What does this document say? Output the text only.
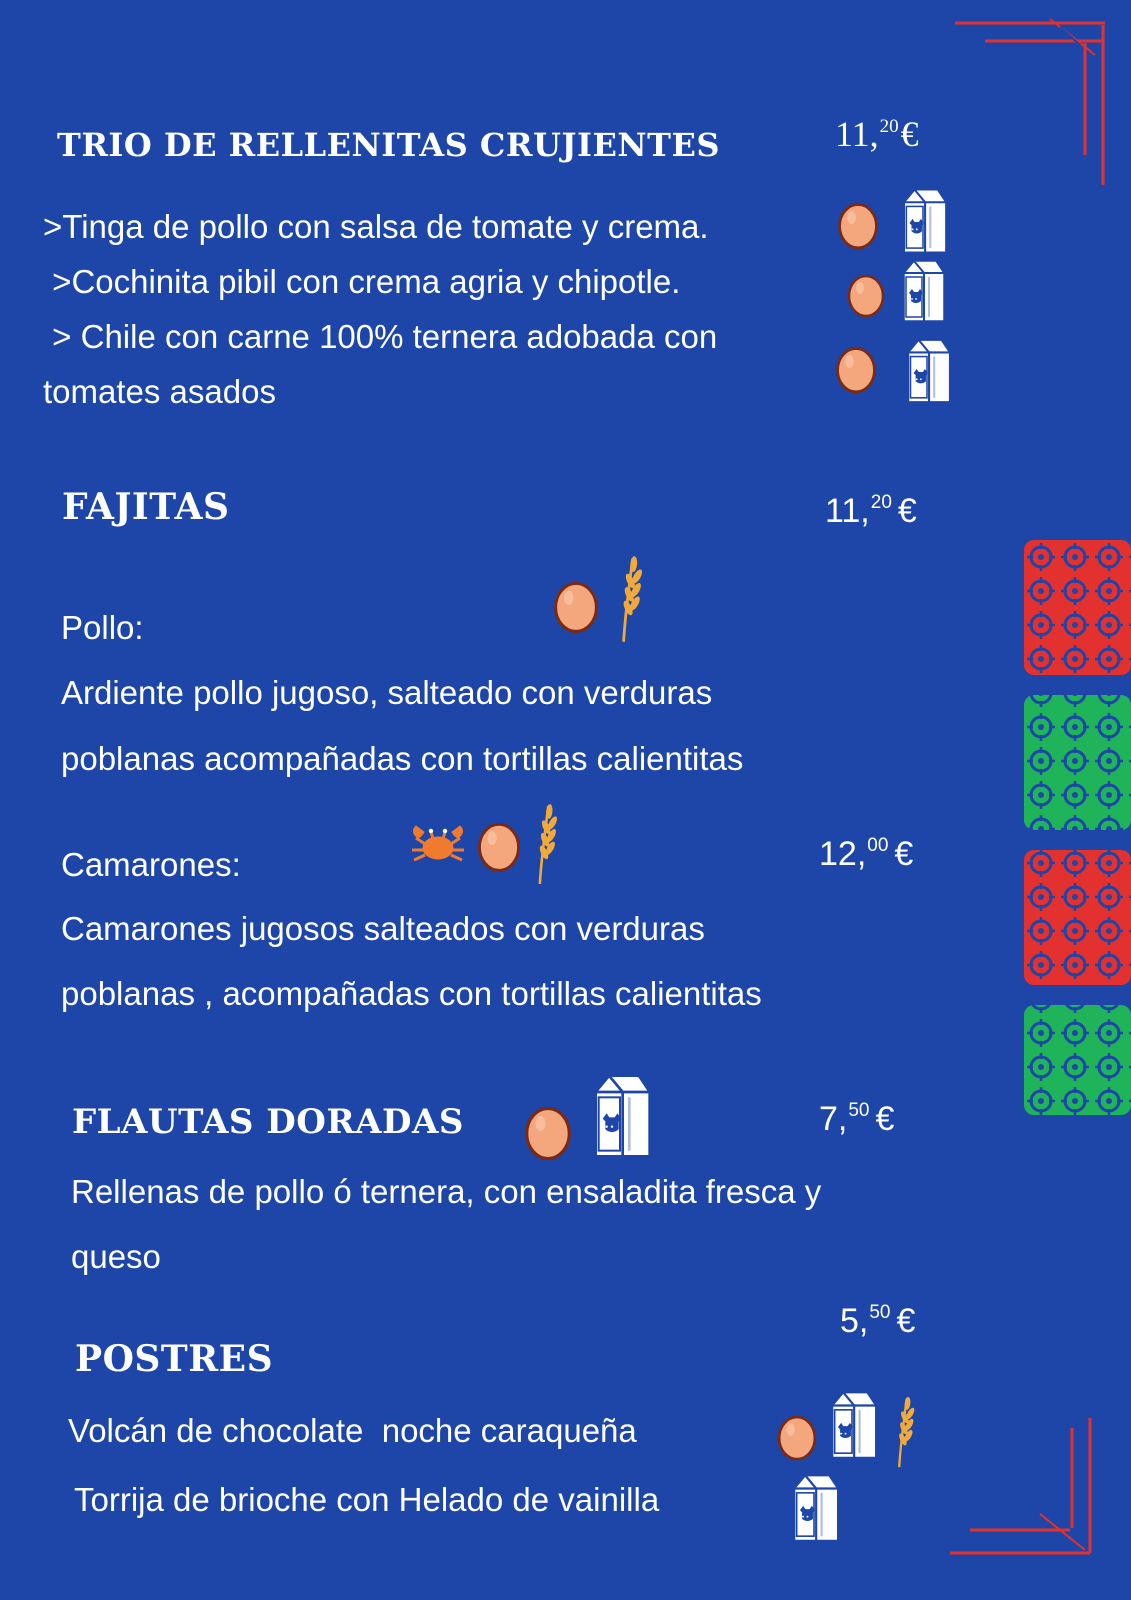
TRIO DE RELLENITAS CRUJIENTES	11,20€
>Tinga de pollo con salsa de tomate y crema.
>Cochinita pibil con crema agria y chipotle.
> Chile con carne 100% ternera adobada con
tomates asados
FAJITAS	11,20 €
Pollo:
Ardiente pollo jugoso, salteado con verduras
poblanas acompañadas con tortillas calientitas
Camarones:	12,00 €
Camarones jugosos salteados con verduras
poblanas , acompañadas con tortillas calientitas
FLAUTAS DORADAS	7,50 €
Rellenas de pollo ó ternera, con ensaladita fresca y
queso
5,50 €
POSTRES
Volcán de chocolate  noche caraqueña
Torrija de brioche con Helado de vainilla
